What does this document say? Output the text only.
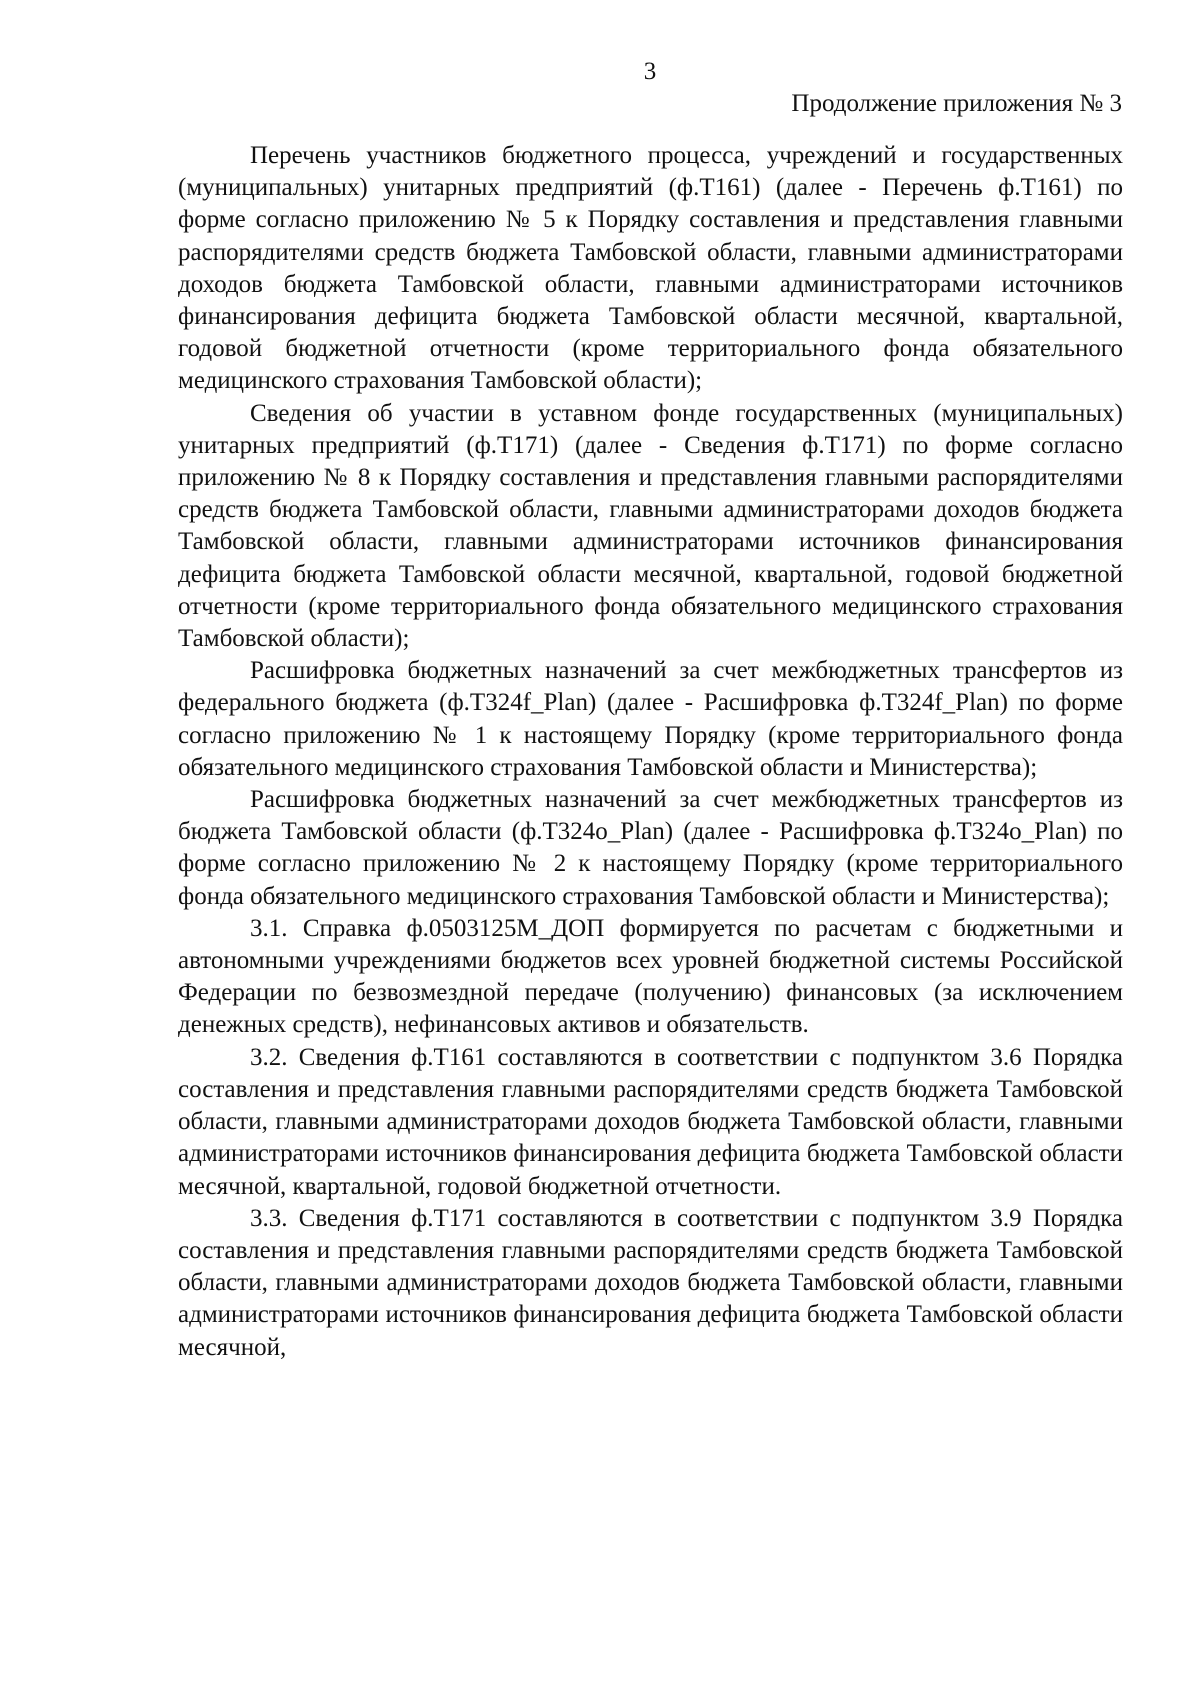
3
Продолжение приложения № 3

Перечень участников бюджетного процесса, учреждений и государственных (муниципальных) унитарных предприятий (ф.Т161) (далее - Перечень ф.Т161) по форме согласно приложению № 5 к Порядку составления и представления главными распорядителями средств бюджета Тамбовской области, главными администраторами доходов бюджета Тамбовской области, главными администраторами источников финансирования дефицита бюджета Тамбовской области месячной, квартальной, годовой бюджетной отчетности (кроме территориального фонда обязательного медицинского страхования Тамбовской области);

Сведения об участии в уставном фонде государственных (муниципальных) унитарных предприятий (ф.Т171) (далее - Сведения ф.Т171) по форме согласно приложению № 8 к Порядку составления и представления главными распорядителями средств бюджета Тамбовской области, главными администраторами доходов бюджета Тамбовской области, главными администраторами источников финансирования дефицита бюджета Тамбовской области месячной, квартальной, годовой бюджетной отчетности (кроме территориального фонда обязательного медицинского страхования Тамбовской области);

Расшифровка бюджетных назначений за счет межбюджетных трансфертов из федерального бюджета (ф.Т324f_Plan) (далее - Расшифровка ф.Т324f_Plan) по форме согласно приложению № 1 к настоящему Порядку (кроме территориального фонда обязательного медицинского страхования Тамбовской области и Министерства);

Расшифровка бюджетных назначений за счет межбюджетных трансфертов из бюджета Тамбовской области (ф.Т324o_Plan) (далее - Расшифровка ф.Т324o_Plan) по форме согласно приложению № 2 к настоящему Порядку (кроме территориального фонда обязательного медицинского страхования Тамбовской области и Министерства);

3.1. Справка ф.0503125М_ДОП формируется по расчетам с бюджетными и автономными учреждениями бюджетов всех уровней бюджетной системы Российской Федерации по безвозмездной передаче (получению) финансовых (за исключением денежных средств), нефинансовых активов и обязательств.

3.2. Сведения ф.Т161 составляются в соответствии с подпунктом 3.6 Порядка составления и представления главными распорядителями средств бюджета Тамбовской области, главными администраторами доходов бюджета Тамбовской области, главными администраторами источников финансирования дефицита бюджета Тамбовской области месячной, квартальной, годовой бюджетной отчетности.

3.3. Сведения ф.Т171 составляются в соответствии с подпунктом 3.9 Порядка составления и представления главными распорядителями средств бюджета Тамбовской области, главными администраторами доходов бюджета Тамбовской области, главными администраторами источников финансирования дефицита бюджета Тамбовской области месячной,
